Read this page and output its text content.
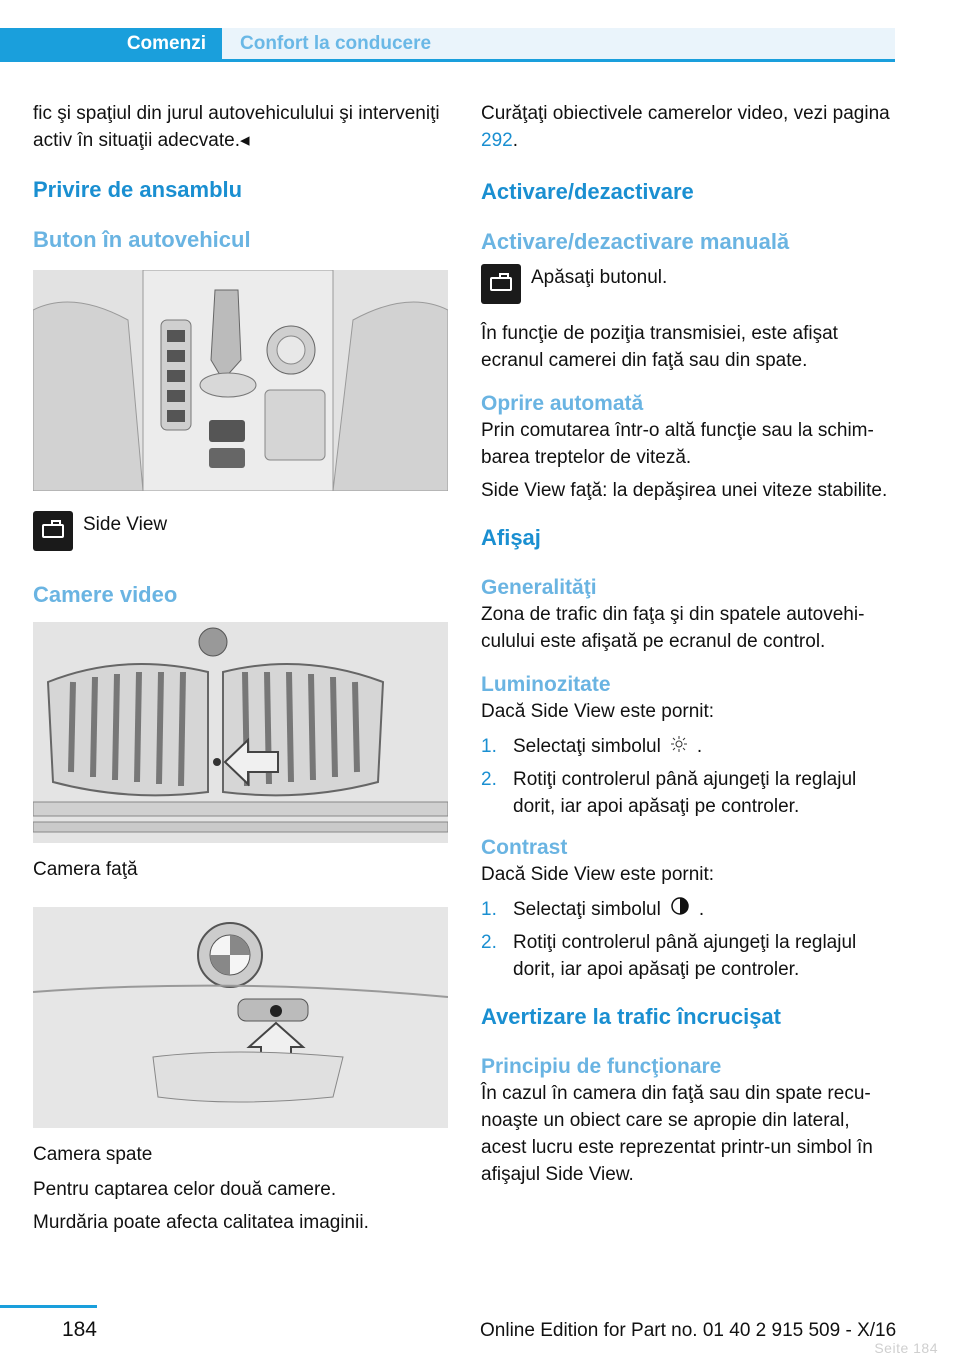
Comenzi	Confort la conducere

fic şi spaţiul din jurul autovehiculului şi interveniţi activ în situaţii adecvate.◂

Privire de ansamblu
Buton în autovehicul
Side View
Camere video

Camera faţă

Camera spate

Pentru captarea celor două camere.

Murdăria poate afecta calitatea imaginii.

Curăţaţi obiectivele camerelor video, vezi pagina 292.

Activare/dezactivare
Activare/dezactivare manuală
Apăsaţi butonul.

În funcţie de poziţia transmisiei, este afişat ecranul camerei din faţă sau din spate.

Oprire automată

Prin comutarea într-o altă funcţie sau la schimbarea treptelor de viteză.

Side View faţă: la depăşirea unei viteze stabilite.

Afişaj
Generalităţi

Zona de trafic din faţa şi din spatele autovehiculului este afişată pe ecranul de control.

Luminozitate

Dacă Side View este pornit:

1. Selectaţi simbolul .
2. Rotiţi controlerul până ajungeţi la reglajul dorit, iar apoi apăsaţi pe controler.
Contrast

Dacă Side View este pornit:

1. Selectaţi simbolul .
2. Rotiţi controlerul până ajungeţi la reglajul dorit, iar apoi apăsaţi pe controler.
Avertizare la trafic încrucişat
Principiu de funcţionare

În cazul în camera din faţă sau din spate recunoaşte un obiect care se apropie din lateral, acest lucru este reprezentat printr-un simbol în afişajul Side View.

184	Online Edition for Part no. 01 40 2 915 509 - X/16
Seite 184
